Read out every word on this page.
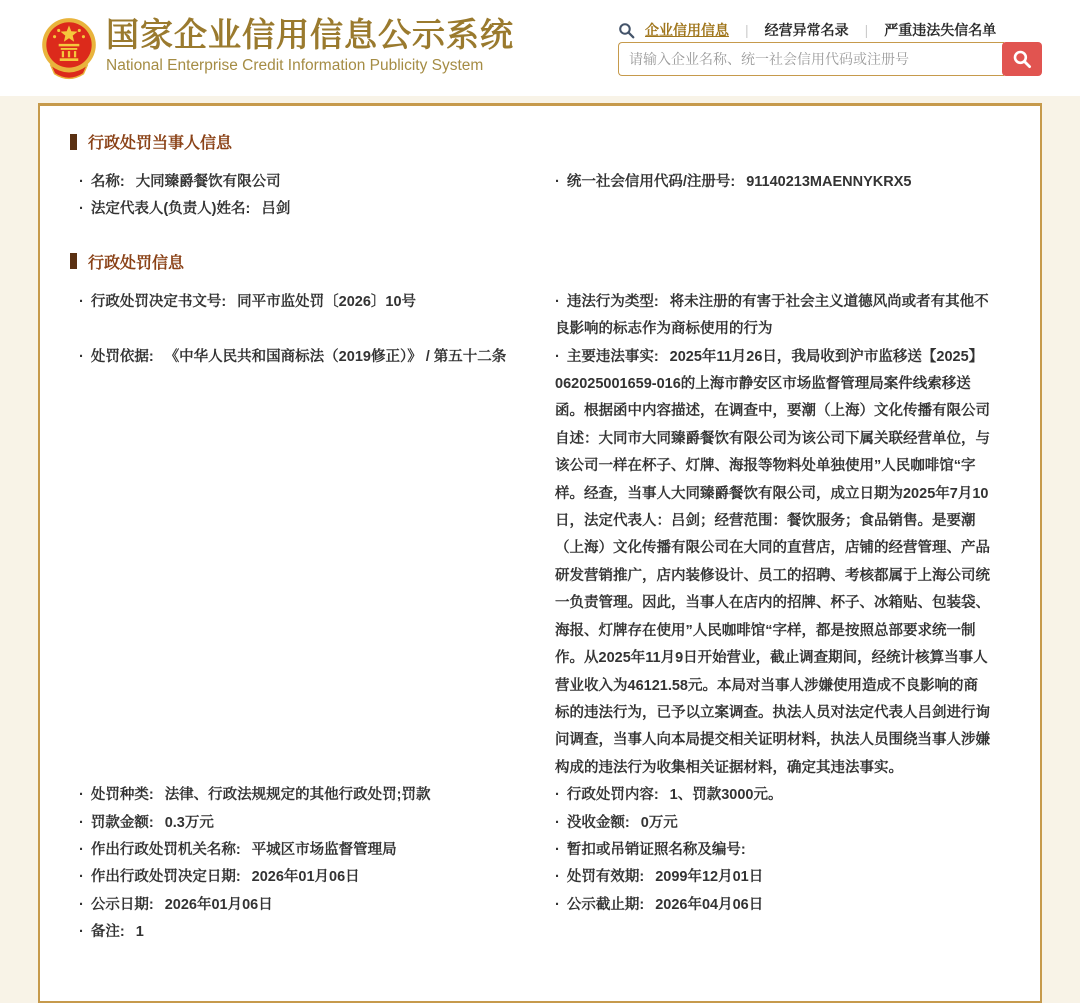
国家企业信用信息公示系统
National Enterprise Credit Information Publicity System
企业信用信息 | 经营异常名录 | 严重违法失信名单
请输入企业名称、统一社会信用代码或注册号
行政处罚当事人信息
· 名称: 大同臻爵餐饮有限公司	· 统一社会信用代码/注册号: 91140213MAENNYKRX5
· 法定代表人(负责人)姓名: 吕剑
行政处罚信息
· 行政处罚决定书文号: 同平市监处罚〔2026〕10号	· 违法行为类型: 将未注册的有害于社会主义道德风尚或者有其他不良影响的标志作为商标使用的行为
· 处罚依据: 《中华人民共和国商标法（2019修正）》 / 第五十二条	· 主要违法事实: 2025年11月26日，我局收到沪市监移送【2025】062025001659-016的上海市静安区市场监督管理局案件线索移送函。根据函中内容描述，在调查中，要潮（上海）文化传播有限公司自述：大同市大同臻爵餐饮有限公司为该公司下属关联经营单位，与该公司一样在杯子、灯牌、海报等物料处单独使用”人民咖啡馆“字样。经查，当事人大同臻爵餐饮有限公司，成立日期为2025年7月10日，法定代表人：吕剑；经营范围：餐饮服务；食品销售。是要潮（上海）文化传播有限公司在大同的直营店，店铺的经营管理、产品研发营销推广，店内装修设计、员工的招聘、考核都属于上海公司统一负责管理。因此，当事人在店内的招牌、杯子、冰箱贴、包装袋、海报、灯牌存在使用”人民咖啡馆“字样，都是按照总部要求统一制作。从2025年11月9日开始营业，截止调查期间，经统计核算当事人营业收入为46121.58元。本局对当事人涉嫌使用造成不良影响的商标的违法行为，已予以立案调查。执法人员对法定代表人吕剑进行询问调查，当事人向本局提交相关证明材料，执法人员围绕当事人涉嫌构成的违法行为收集相关证据材料，确定其违法事实。
· 处罚种类: 法律、行政法规规定的其他行政处罚;罚款	· 行政处罚内容: 1、罚款3000元。
· 罚款金额: 0.3万元	· 没收金额: 0万元
· 作出行政处罚机关名称: 平城区市场监督管理局	· 暂扣或吊销证照名称及编号:
· 作出行政处罚决定日期: 2026年01月06日	· 处罚有效期: 2099年12月01日
· 公示日期: 2026年01月06日	· 公示截止期: 2026年04月06日
· 备注: 1
